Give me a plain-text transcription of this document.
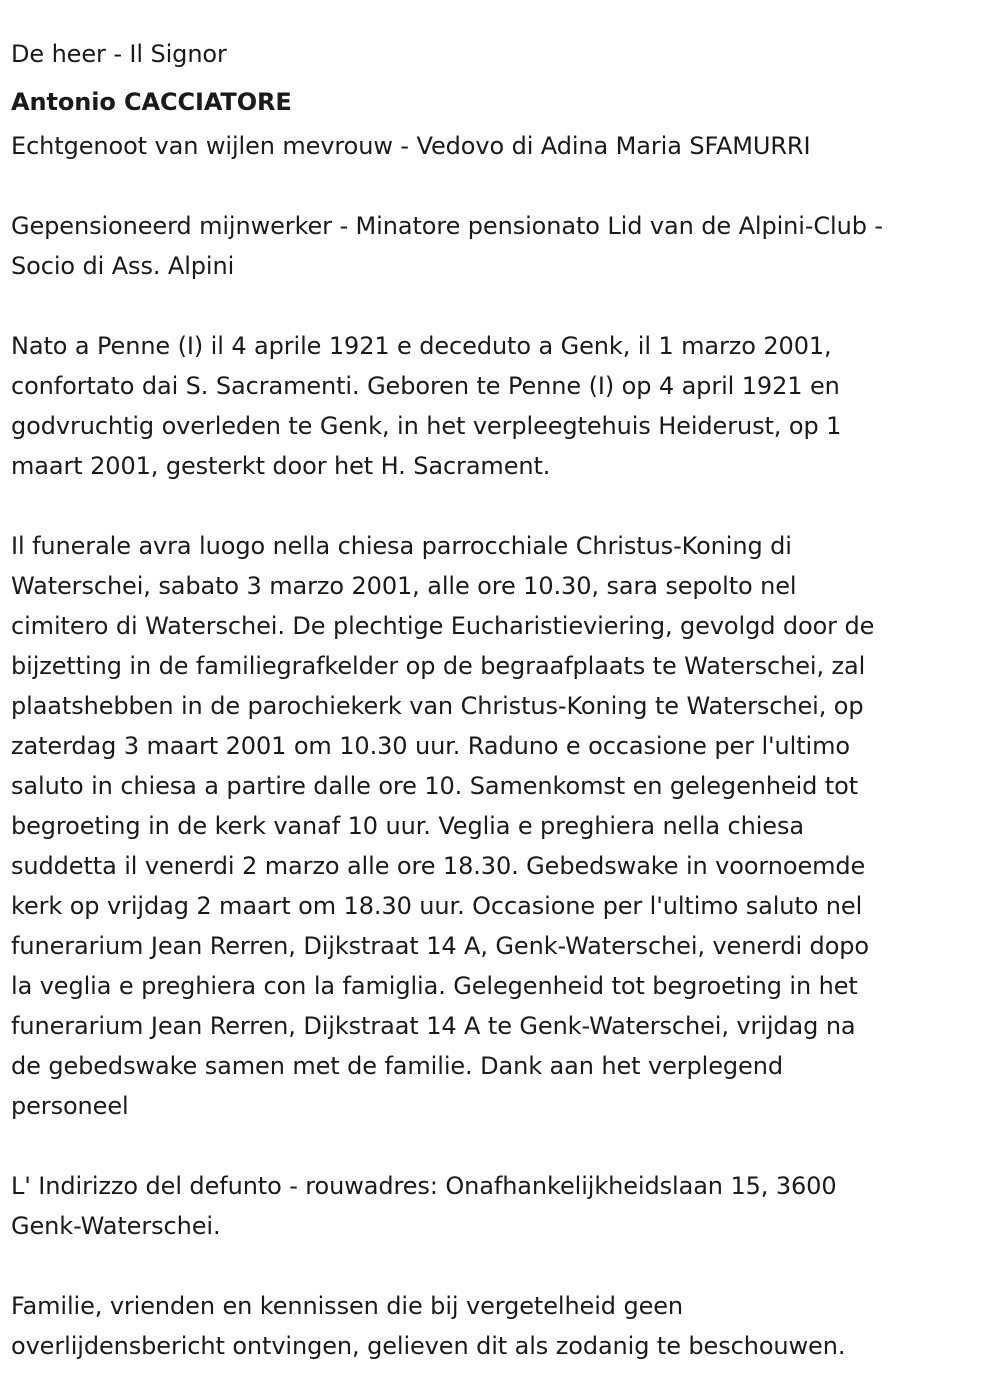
De heer - Il Signor

Antonio CACCIATORE

Echtgenoot van wijlen mevrouw - Vedovo di Adina Maria SFAMURRI

Gepensioneerd mijnwerker - Minatore pensionato Lid van de Alpini-Club -

Socio di Ass. Alpini

Nato a Penne (I) il 4 aprile 1921 e deceduto a Genk, il 1 marzo 2001,

confortato dai S. Sacramenti. Geboren te Penne (I) op 4 april 1921 en

godvruchtig overleden te Genk, in het verpleegtehuis Heiderust, op 1

maart 2001, gesterkt door het H. Sacrament.

Il funerale avra luogo nella chiesa parrocchiale Christus-Koning di

Waterschei, sabato 3 marzo 2001, alle ore 10.30, sara sepolto nel

cimitero di Waterschei. De plechtige Eucharistieviering, gevolgd door de

bijzetting in de familiegrafkelder op de begraafplaats te Waterschei, zal

plaatshebben in de parochiekerk van Christus-Koning te Waterschei, op

zaterdag 3 maart 2001 om 10.30 uur. Raduno e occasione per l'ultimo

saluto in chiesa a partire dalle ore 10. Samenkomst en gelegenheid tot

begroeting in de kerk vanaf 10 uur. Veglia e preghiera nella chiesa

suddetta il venerdi 2 marzo alle ore 18.30. Gebedswake in voornoemde

kerk op vrijdag 2 maart om 18.30 uur. Occasione per l'ultimo saluto nel

funerarium Jean Rerren, Dijkstraat 14 A, Genk-Waterschei, venerdi dopo

la veglia e preghiera con la famiglia. Gelegenheid tot begroeting in het

funerarium Jean Rerren, Dijkstraat 14 A te Genk-Waterschei, vrijdag na

de gebedswake samen met de familie. Dank aan het verplegend

personeel

L' Indirizzo del defunto - rouwadres: Onafhankelijkheidslaan 15, 3600

Genk-Waterschei.

Familie, vrienden en kennissen die bij vergetelheid geen

overlijdensbericht ontvingen, gelieven dit als zodanig te beschouwen.
